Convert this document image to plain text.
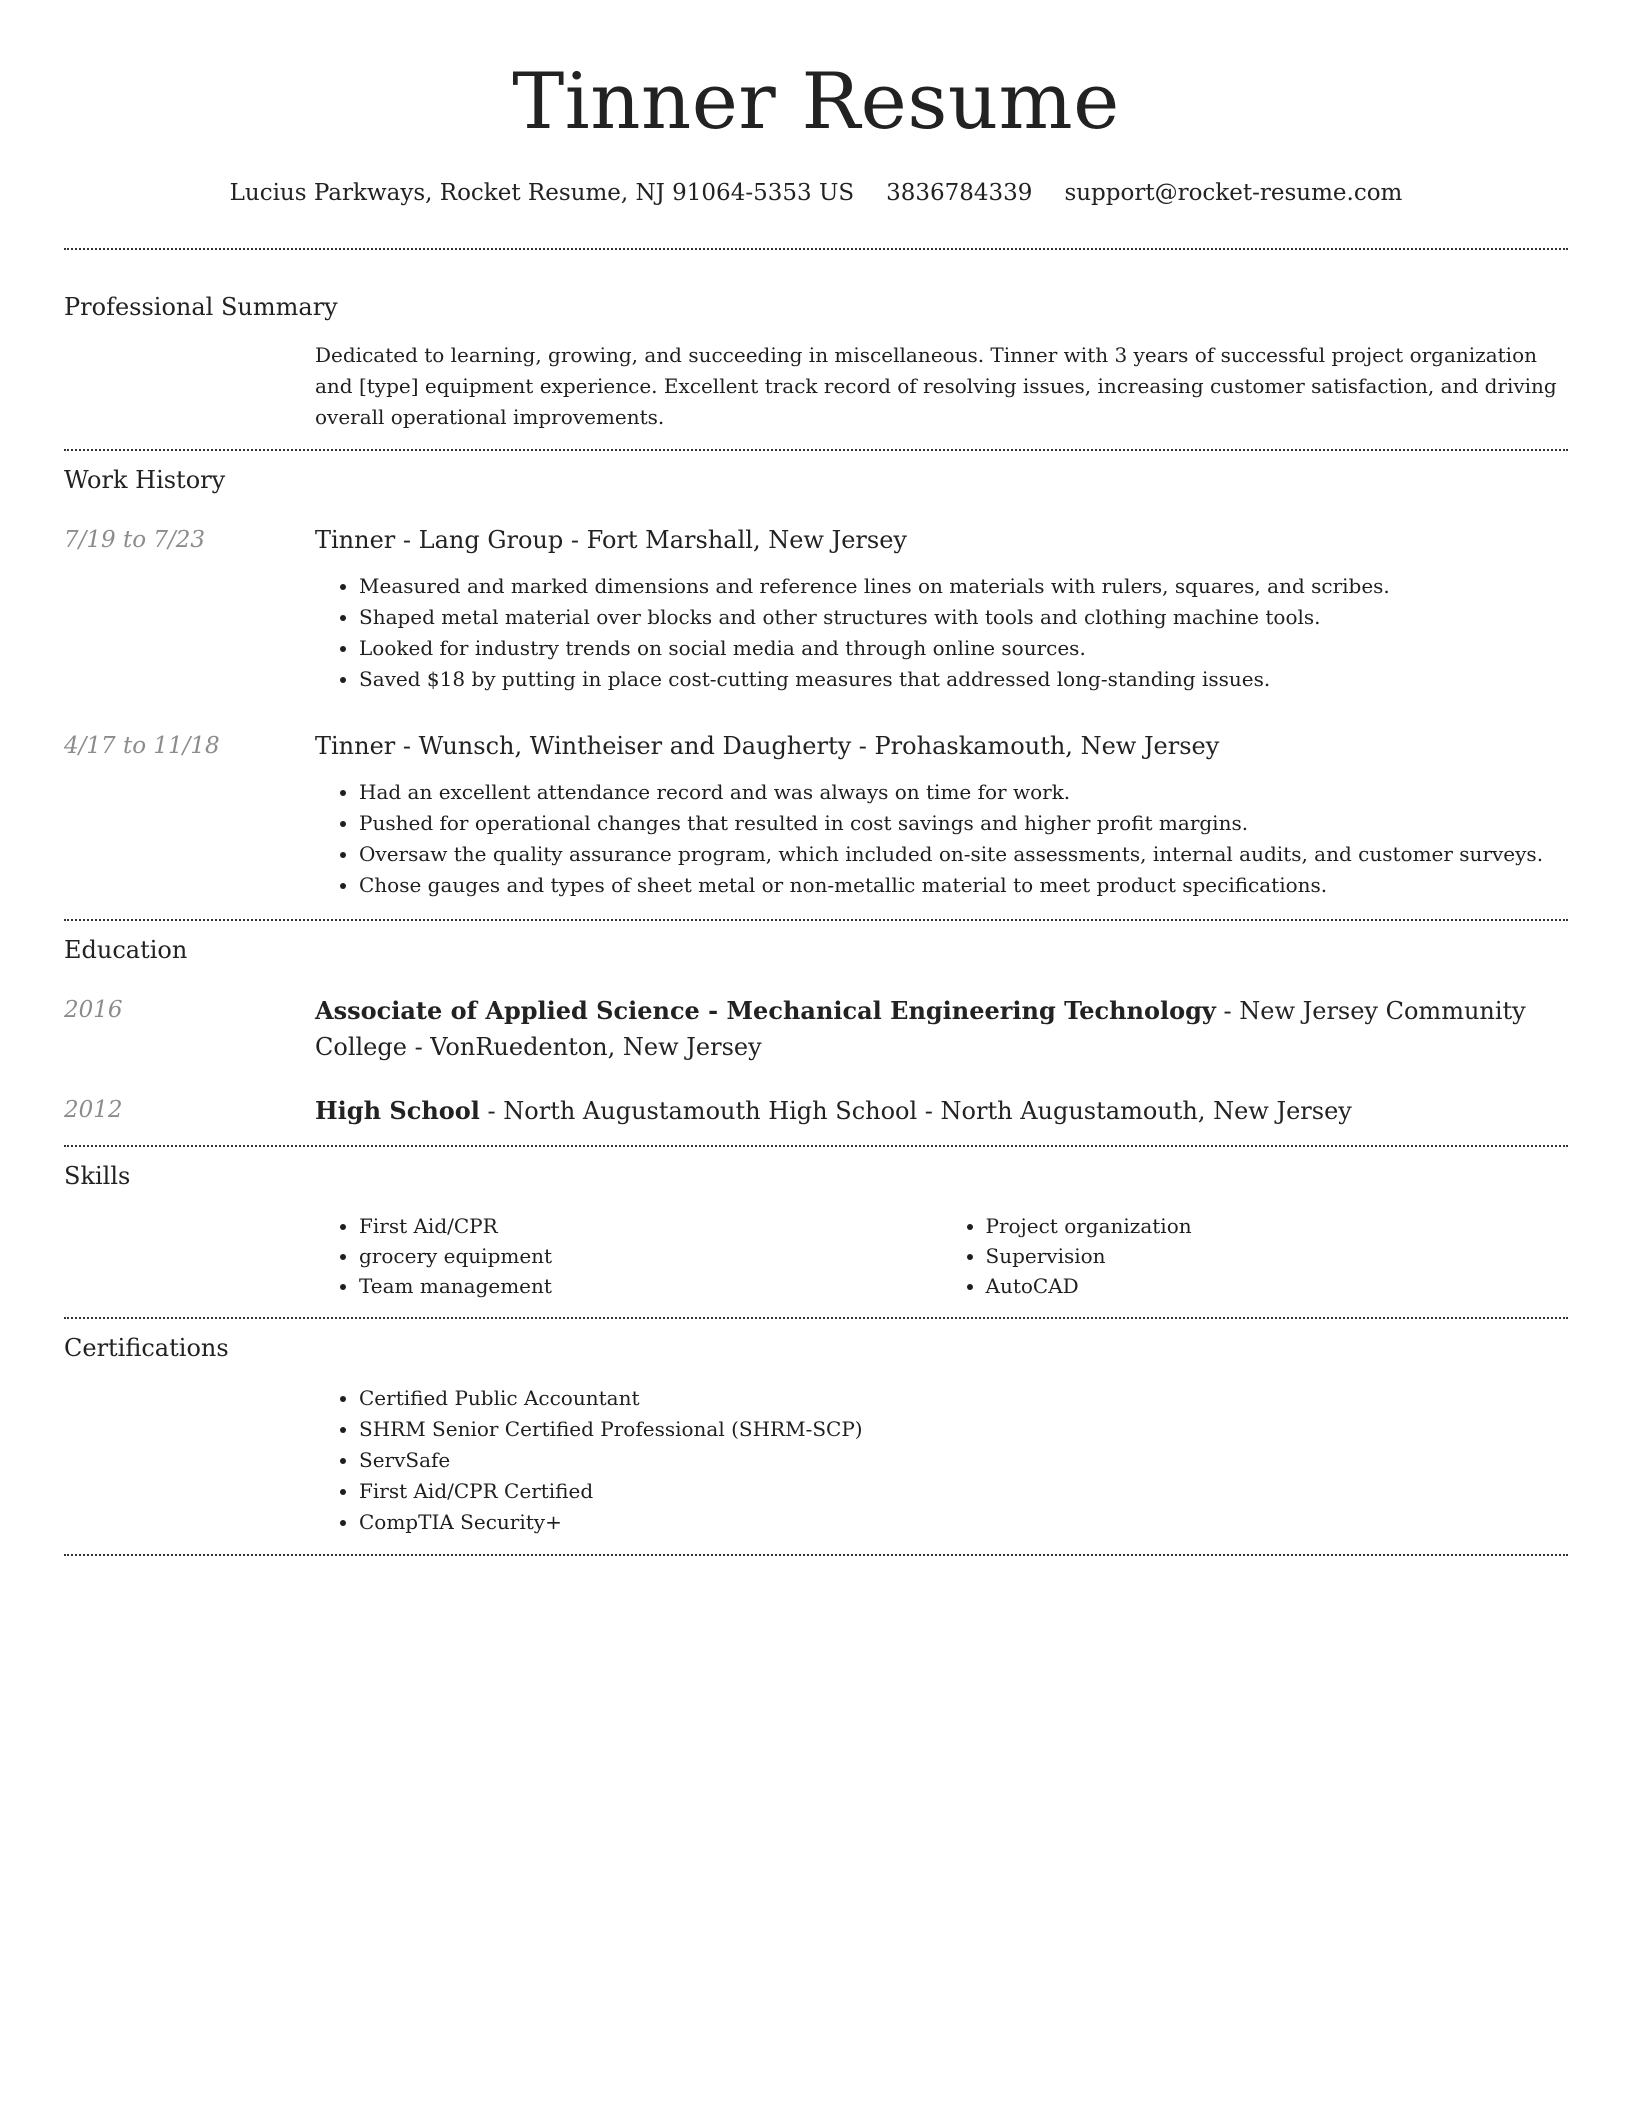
Tinner Resume
Lucius Parkways, Rocket Resume, NJ 91064-5353 US 3836784339 support@rocket-resume.com
Professional Summary
Dedicated to learning, growing, and succeeding in miscellaneous. Tinner with 3 years of successful project organization and [type] equipment experience. Excellent track record of resolving issues, increasing customer satisfaction, and driving overall operational improvements.
Work History
7/19 to 7/23	Tinner - Lang Group - Fort Marshall, New Jersey
• Measured and marked dimensions and reference lines on materials with rulers, squares, and scribes.
• Shaped metal material over blocks and other structures with tools and clothing machine tools.
• Looked for industry trends on social media and through online sources.
• Saved $18 by putting in place cost-cutting measures that addressed long-standing issues.
4/17 to 11/18	Tinner - Wunsch, Wintheiser and Daugherty - Prohaskamouth, New Jersey
• Had an excellent attendance record and was always on time for work.
• Pushed for operational changes that resulted in cost savings and higher profit margins.
• Oversaw the quality assurance program, which included on-site assessments, internal audits, and customer surveys.
• Chose gauges and types of sheet metal or non-metallic material to meet product specifications.
Education
2016	Associate of Applied Science - Mechanical Engineering Technology - New Jersey Community College - VonRuedenton, New Jersey
2012	High School - North Augustamouth High School - North Augustamouth, New Jersey
Skills
• First Aid/CPR
• grocery equipment
• Team management
• Project organization
• Supervision
• AutoCAD
Certifications
• Certified Public Accountant
• SHRM Senior Certified Professional (SHRM-SCP)
• ServSafe
• First Aid/CPR Certified
• CompTIA Security+
